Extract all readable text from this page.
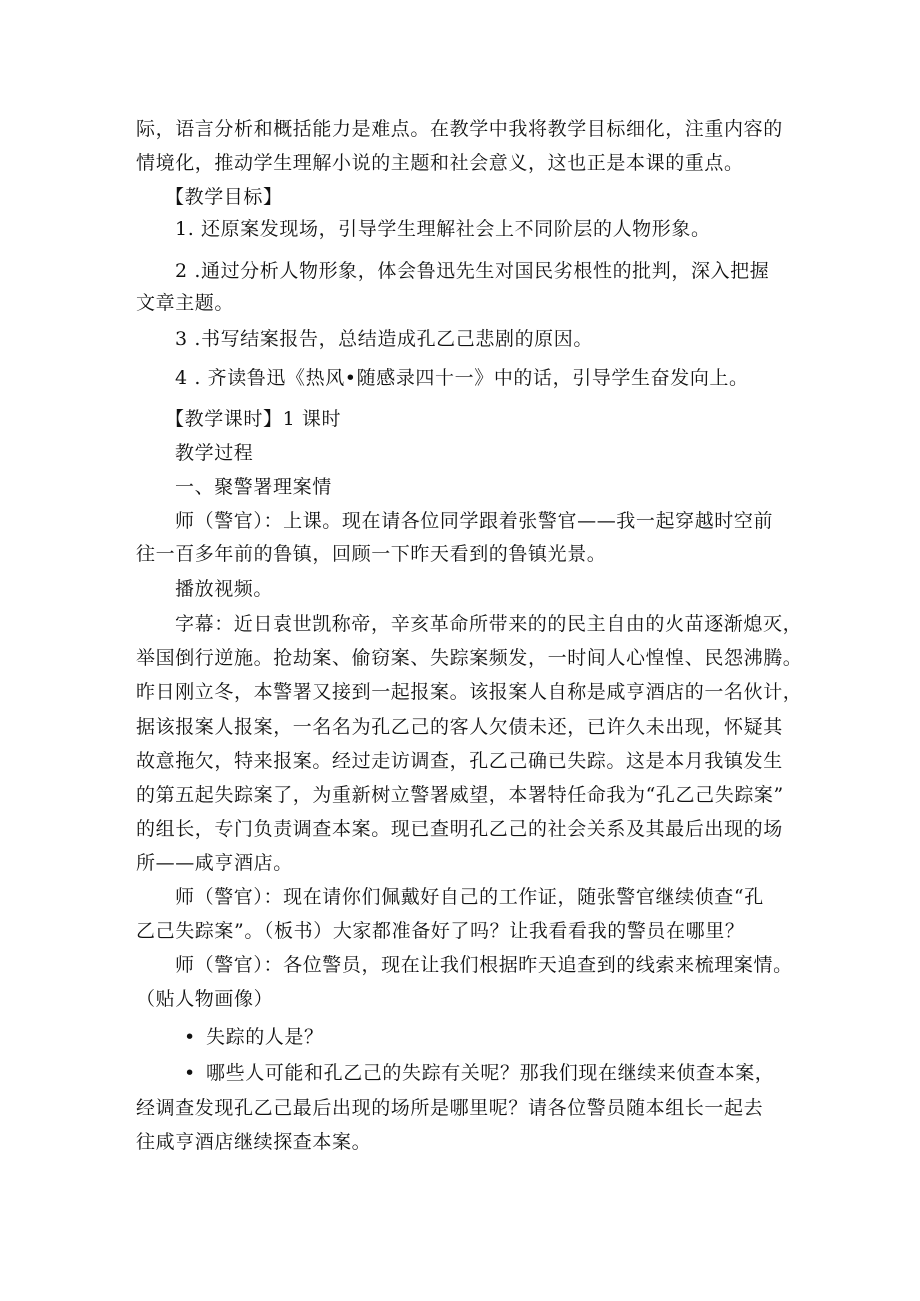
际，语言分析和概括能力是难点。在教学中我将教学目标细化，注重内容的
情境化，推动学生理解小说的主题和社会意义，这也正是本课的重点。
【教学目标】
1. 还原案发现场，引导学生理解社会上不同阶层的人物形象。
2 .通过分析人物形象，体会鲁迅先生对国民劣根性的批判，深入把握
文章主题。
3 .书写结案报告，总结造成孔乙己悲剧的原因。
4 . 齐读鲁迅《热风•随感录四十一》中的话，引导学生奋发向上。
【教学课时】1 课时
教学过程
一、聚警署理案情
师（警官）：上课。现在请各位同学跟着张警官——我一起穿越时空前
往一百多年前的鲁镇，回顾一下昨天看到的鲁镇光景。
播放视频。
字幕：近日袁世凯称帝，辛亥革命所带来的的民主自由的火苗逐渐熄灭，
举国倒行逆施。抢劫案、偷窃案、失踪案频发，一时间人心惶惶、民怨沸腾。
昨日刚立冬，本警署又接到一起报案。该报案人自称是咸亨酒店的一名伙计，
据该报案人报案，一名名为孔乙己的客人欠债未还，已许久未出现，怀疑其
故意拖欠，特来报案。经过走访调查，孔乙己确已失踪。这是本月我镇发生
的第五起失踪案了，为重新树立警署威望，本署特任命我为“孔乙己失踪案”
的组长，专门负责调查本案。现已查明孔乙己的社会关系及其最后出现的场
所——咸亨酒店。
师（警官）：现在请你们佩戴好自己的工作证，随张警官继续侦查“孔
乙己失踪案”。（板书）大家都准备好了吗？让我看看我的警员在哪里？
师（警官）：各位警员，现在让我们根据昨天追查到的线索来梳理案情。
（贴人物画像）
• 失踪的人是？
• 哪些人可能和孔乙己的失踪有关呢？那我们现在继续来侦查本案，
经调查发现孔乙己最后出现的场所是哪里呢？请各位警员随本组长一起去
往咸亨酒店继续探查本案。
